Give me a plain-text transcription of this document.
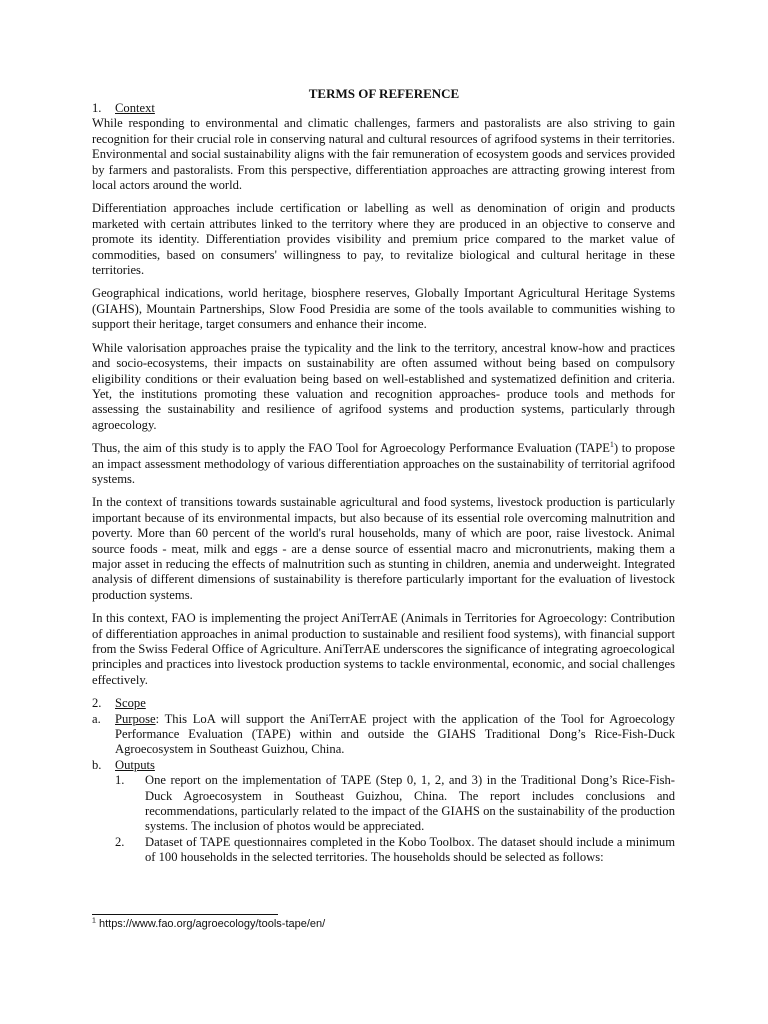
TERMS OF REFERENCE
1. Context

While responding to environmental and climatic challenges, farmers and pastoralists are also striving to gain recognition for their crucial role in conserving natural and cultural resources of agrifood systems in their territories. Environmental and social sustainability aligns with the fair remuneration of ecosystem goods and services provided by farmers and pastoralists. From this perspective, differentiation approaches are attracting growing interest from local actors around the world.

Differentiation approaches include certification or labelling as well as denomination of origin and products marketed with certain attributes linked to the territory where they are produced in an objective to conserve and promote its identity. Differentiation provides visibility and premium price compared to the market value of commodities, based on consumers' willingness to pay, to revitalize biological and cultural heritage in these territories.

Geographical indications, world heritage, biosphere reserves, Globally Important Agricultural Heritage Systems (GIAHS), Mountain Partnerships, Slow Food Presidia are some of the tools available to communities wishing to support their heritage, target consumers and enhance their income.

While valorisation approaches praise the typicality and the link to the territory, ancestral know-how and practices and socio-ecosystems, their impacts on sustainability are often assumed without being based on compulsory eligibility conditions or their evaluation being based on well-established and systematized definition and criteria. Yet, the institutions promoting these valuation and recognition approaches- produce tools and methods for assessing the sustainability and resilience of agrifood systems and production systems, particularly through agroecology.

Thus, the aim of this study is to apply the FAO Tool for Agroecology Performance Evaluation (TAPE$^1$) to propose an impact assessment methodology of various differentiation approaches on the sustainability of territorial agrifood systems.

In the context of transitions towards sustainable agricultural and food systems, livestock production is particularly important because of its environmental impacts, but also because of its essential role overcoming malnutrition and poverty. More than 60 percent of the world's rural households, many of which are poor, raise livestock. Animal source foods - meat, milk and eggs - are a dense source of essential macro and micronutrients, making them a major asset in reducing the effects of malnutrition such as stunting in children, anemia and underweight. Integrated analysis of different dimensions of sustainability is therefore particularly important for the evaluation of livestock production systems.

In this context, FAO is implementing the project AniTerrAE (Animals in Territories for Agroecology: Contribution of differentiation approaches in animal production to sustainable and resilient food systems), with financial support from the Swiss Federal Office of Agriculture. AniTerrAE underscores the significance of integrating agroecological principles and practices into livestock production systems to tackle environmental, economic, and social challenges effectively.

2. Scope
a.	Purpose: This LoA will support the AniTerrAE project with the application of the Tool for Agroecology Performance Evaluation (TAPE) within and outside the GIAHS Traditional Dong’s Rice-Fish-Duck Agroecosystem in Southeast Guizhou, China.
b.	Outputs
1.	One report on the implementation of TAPE (Step 0, 1, 2, and 3) in the Traditional Dong’s Rice-Fish-Duck Agroecosystem in Southeast Guizhou, China. The report includes conclusions and recommendations, particularly related to the impact of the GIAHS on the sustainability of the production systems. The inclusion of photos would be appreciated.
2.	Dataset of TAPE questionnaires completed in the Kobo Toolbox. The dataset should include a minimum of 100 households in the selected territories. The households should be selected as follows:
$^1$ https://www.fao.org/agroecology/tools-tape/en/
